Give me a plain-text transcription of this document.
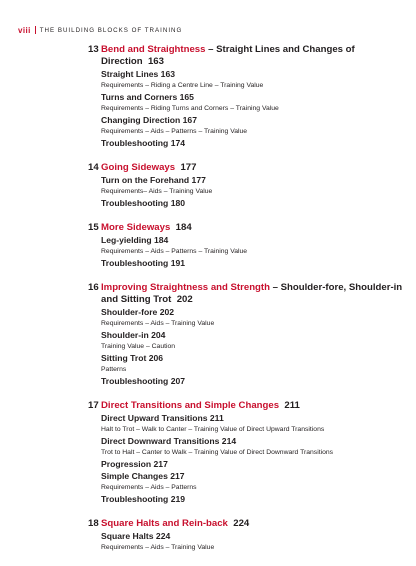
viii THE BUILDING BLOCKS OF TRAINING
13 Bend and Straightness – Straight Lines and Changes of Direction 163
Straight Lines 163
Requirements – Riding a Centre Line – Training Value
Turns and Corners 165
Requirements – Riding Turns and Corners – Training Value
Changing Direction 167
Requirements – Aids – Patterns – Training Value
Troubleshooting 174
14 Going Sideways 177
Turn on the Forehand 177
Requirements– Aids – Training Value
Troubleshooting 180
15 More Sideways 184
Leg-yielding 184
Requirements – Aids – Patterns – Training Value
Troubleshooting 191
16 Improving Straightness and Strength – Shoulder-fore, Shoulder-in and Sitting Trot 202
Shoulder-fore 202
Requirements – Aids – Training Value
Shoulder-in 204
Training Value – Caution
Sitting Trot 206
Patterns
Troubleshooting 207
17 Direct Transitions and Simple Changes 211
Direct Upward Transitions 211
Halt to Trot – Walk to Canter – Training Value of Direct Upward Transitions
Direct Downward Transitions 214
Trot to Halt – Canter to Walk – Training Value of Direct Downward Transitions
Progression 217
Simple Changes 217
Requirements – Aids – Patterns
Troubleshooting 219
18 Square Halts and Rein-back 224
Square Halts 224
Requirements – Aids – Training Value
